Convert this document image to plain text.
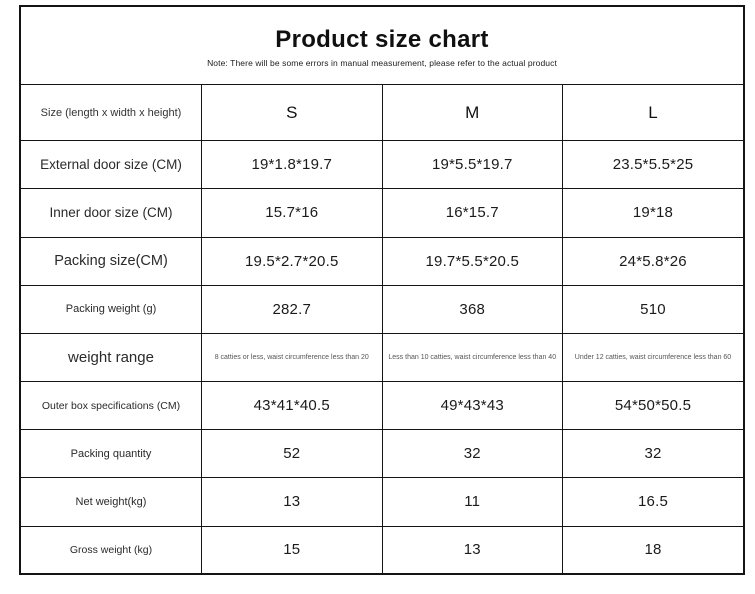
Product size chart
Note: There will be some errors in manual measurement, please refer to the actual product
Size (length x width x height)	S	M	L
External door size (CM)	19*1.8*19.7	19*5.5*19.7	23.5*5.5*25
Inner door size (CM)	15.7*16	16*15.7	19*18
Packing size(CM)	19.5*2.7*20.5	19.7*5.5*20.5	24*5.8*26
Packing weight (g)	282.7	368	510
weight range	8 catties or less, waist circumference less than 20	Less than 10 catties, waist circumference less than 40	Under 12 catties, waist circumference less than 60
Outer box specifications (CM)	43*41*40.5	49*43*43	54*50*50.5
Packing quantity	52	32	32
Net weight(kg)	13	11	16.5
Gross weight (kg)	15	13	18
